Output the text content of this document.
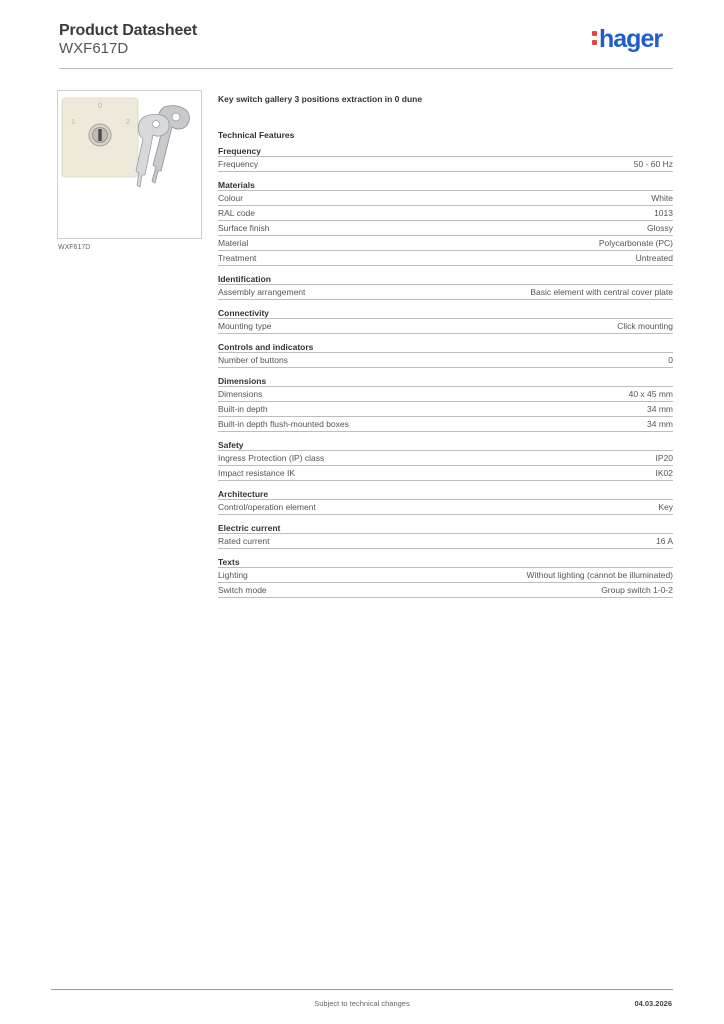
Product Datasheet
WXF617D	hager
0
1	2
WXF617D
Key switch gallery 3 positions extraction in 0 dune
Technical Features
Frequency
Frequency	50 - 60 Hz
Materials
Colour	White
RAL code	1013
Surface finish	Glossy
Material	Polycarbonate (PC)
Treatment	Untreated
Identification
Assembly arrangement	Basic element with central cover plate
Connectivity
Mounting type	Click mounting
Controls and indicators
Number of buttons	0
Dimensions
Dimensions	40 x 45 mm
Built-in depth	34 mm
Built-in depth flush-mounted boxes	34 mm
Safety
Ingress Protection (IP) class	IP20
Impact resistance IK	IK02
Architecture
Control/operation element	Key
Electric current
Rated current	16 A
Texts
Lighting	Without lighting (cannot be illuminated)
Switch mode	Group switch 1-0-2
Subject to technical changes	04.03.2026
